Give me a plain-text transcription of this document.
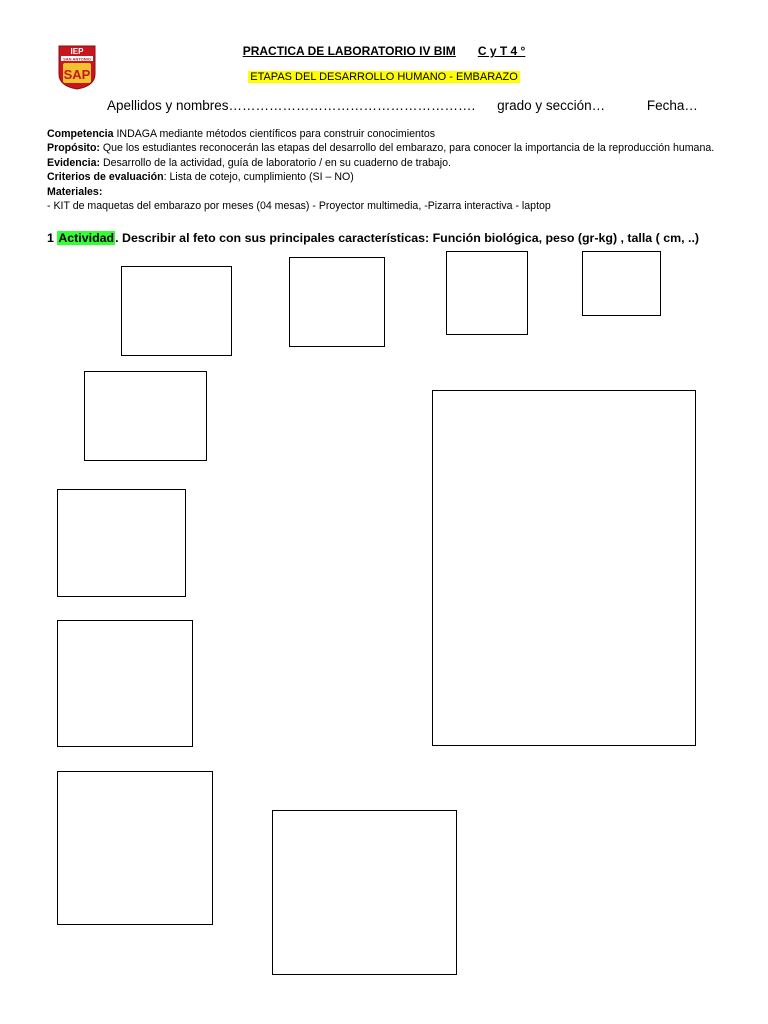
IEP
SAN ANTONIO
SAP
PRACTICA DE LABORATORIO IV BIM C y T 4 °
ETAPAS DEL DESARROLLO HUMANO - EMBARAZO
Apellidos y nombres………………………………………………. grado y sección…	Fecha…

Competencia INDAGA mediante métodos científicos para construir conocimientos

Propósito: Que los estudiantes reconocerán las etapas del desarrollo del embarazo, para conocer la importancia de la reproducción humana.

Evidencia: Desarrollo de la actividad, guía de laboratorio / en su cuaderno de trabajo.

Criterios de evaluación: Lista de cotejo, cumplimiento (SI – NO)

Materiales:

- KIT de maquetas del embarazo por meses (04 mesas) - Proyector multimedia, -Pizarra interactiva - laptop

1 Actividad. Describir al feto con sus principales características: Función biológica, peso (gr-kg) , talla ( cm, ..)
